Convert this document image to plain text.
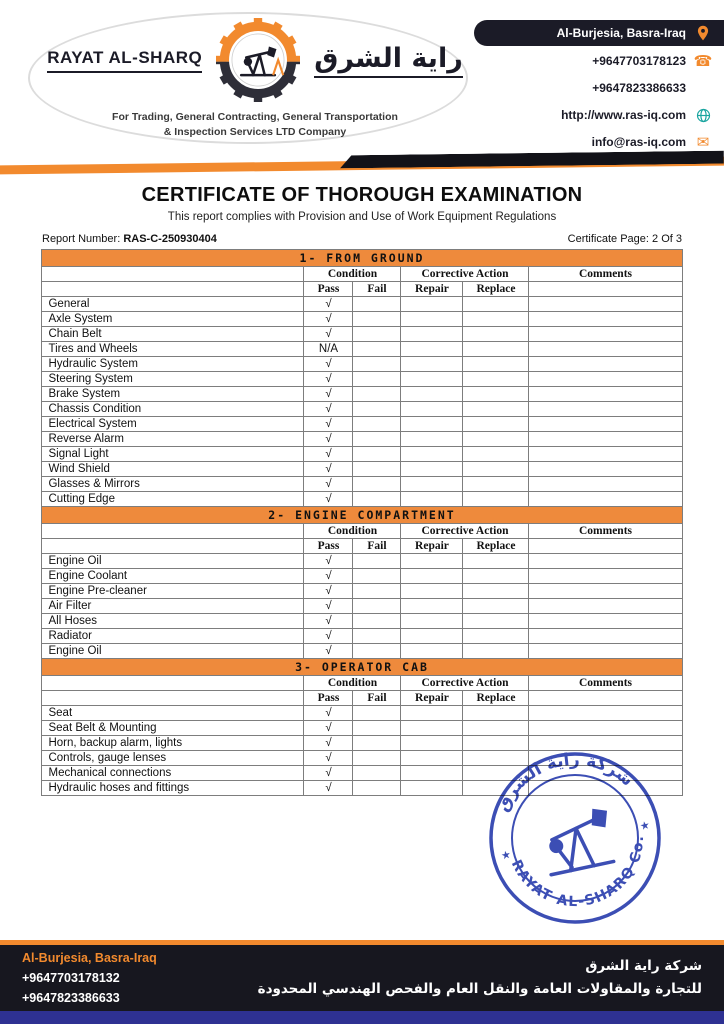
RAYAT AL-SHARQ	راية الشرق
For Trading, General Contracting, General Transportation
& Inspection Services LTD Company
Al-Burjesia, Basra-Iraq
+9647703178123 ☎
+9647823386633
http://www.ras-iq.com
info@ras-iq.com ✉
CERTIFICATE OF THOROUGH EXAMINATION
This report complies with Provision and Use of Work Equipment Regulations
Report Number: RAS-C-250930404	Certificate Page: 2 Of 3
1- FROM GROUND					
	Condition		Corrective Action		Comments
	Pass	Fail	Repair	Replace	
General	√				
Axle System	√				
Chain Belt	√				
Tires and Wheels	N/A				
Hydraulic System	√				
Steering System	√				
Brake System	√				
Chassis Condition	√				
Electrical System	√				
Reverse Alarm	√				
Signal Light	√				
Wind Shield	√				
Glasses & Mirrors	√				
Cutting Edge	√				
2- ENGINE COMPARTMENT					
	Condition		Corrective Action		Comments
	Pass	Fail	Repair	Replace	
Engine Oil	√				
Engine Coolant	√				
Engine Pre-cleaner	√				
Air Filter	√				
All Hoses	√				
Radiator	√				
Engine Oil	√				
3- OPERATOR CAB					
	Condition		Corrective Action		Comments
	Pass	Fail	Repair	Replace	
Seat	√				
Seat Belt & Mounting	√				
Horn, backup alarm, lights	√				
Controls, gauge lenses	√				
Mechanical connections	√				
Hydraulic hoses and fittings	√				
شركة راية الشرق
RAYAT AL-SHARQ Co.
★
★
Al-Burjesia, Basra-Iraq
+9647703178132
+9647823386633
شركة راية الشرق
للتجارة والمقاولات العامة والنقل العام والفحص الهندسي المحدودة
